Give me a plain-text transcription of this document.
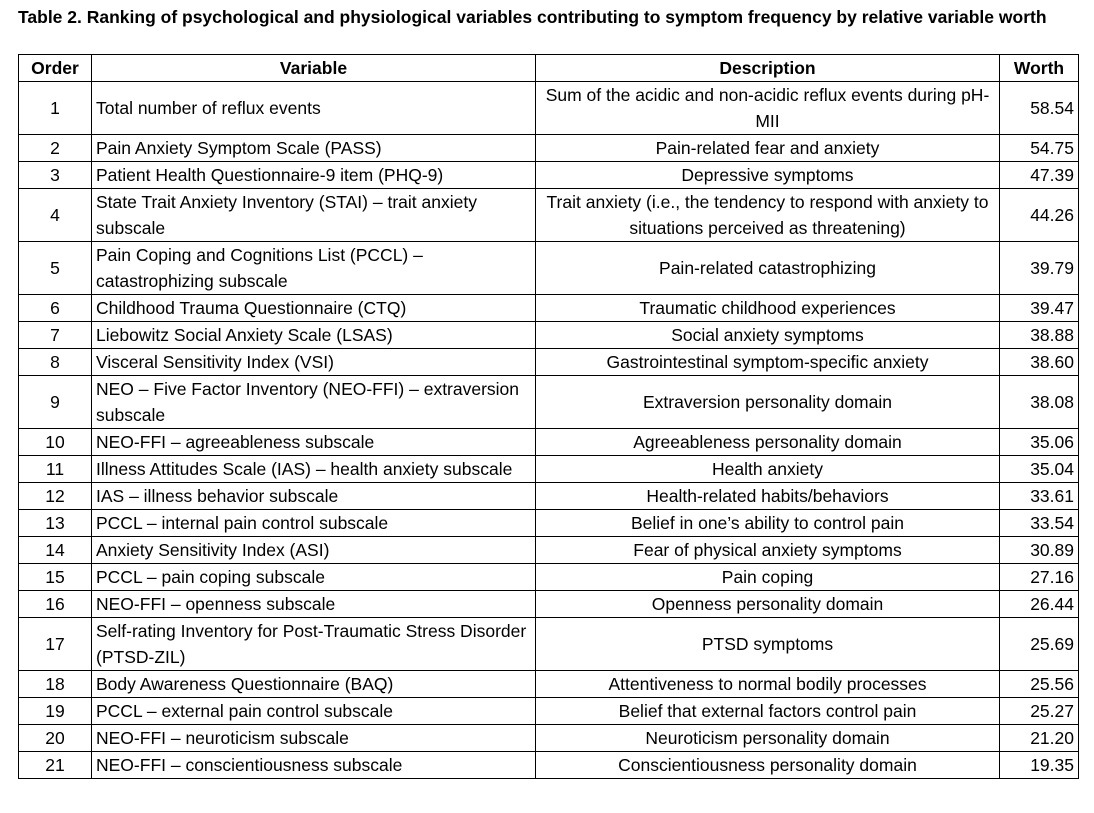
Table 2. Ranking of psychological and physiological variables contributing to symptom frequency by relative variable worth
Order	Variable	Description	Worth
1	Total number of reflux events	Sum of the acidic and non-acidic reflux events during pH-MII	58.54
2	Pain Anxiety Symptom Scale (PASS)	Pain-related fear and anxiety	54.75
3	Patient Health Questionnaire-9 item (PHQ-9)	Depressive symptoms	47.39
4	State Trait Anxiety Inventory (STAI) – trait anxiety subscale	Trait anxiety (i.e., the tendency to respond with anxiety to situations perceived as threatening)	44.26
5	Pain Coping and Cognitions List (PCCL) – catastrophizing subscale	Pain-related catastrophizing	39.79
6	Childhood Trauma Questionnaire (CTQ)	Traumatic childhood experiences	39.47
7	Liebowitz Social Anxiety Scale (LSAS)	Social anxiety symptoms	38.88
8	Visceral Sensitivity Index (VSI)	Gastrointestinal symptom-specific anxiety	38.60
9	NEO – Five Factor Inventory (NEO-FFI) – extraversion subscale	Extraversion personality domain	38.08
10	NEO-FFI – agreeableness subscale	Agreeableness personality domain	35.06
11	Illness Attitudes Scale (IAS) – health anxiety subscale	Health anxiety	35.04
12	IAS – illness behavior subscale	Health-related habits/behaviors	33.61
13	PCCL – internal pain control subscale	Belief in one’s ability to control pain	33.54
14	Anxiety Sensitivity Index (ASI)	Fear of physical anxiety symptoms	30.89
15	PCCL – pain coping subscale	Pain coping	27.16
16	NEO-FFI – openness subscale	Openness personality domain	26.44
17	Self-rating Inventory for Post-Traumatic Stress Disorder (PTSD-ZIL)	PTSD symptoms	25.69
18	Body Awareness Questionnaire (BAQ)	Attentiveness to normal bodily processes	25.56
19	PCCL – external pain control subscale	Belief that external factors control pain	25.27
20	NEO-FFI – neuroticism subscale	Neuroticism personality domain	21.20
21	NEO-FFI – conscientiousness subscale	Conscientiousness personality domain	19.35
